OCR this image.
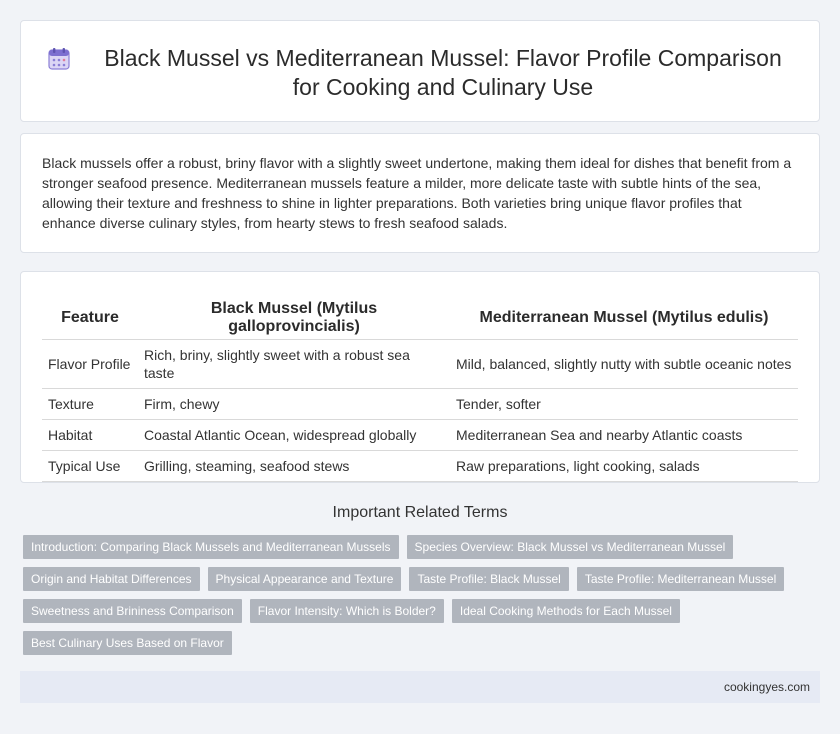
Black Mussel vs Mediterranean Mussel: Flavor Profile Comparison for Cooking and Culinary Use

Black mussels offer a robust, briny flavor with a slightly sweet undertone, making them ideal for dishes that benefit from a stronger seafood presence. Mediterranean mussels feature a milder, more delicate taste with subtle hints of the sea, allowing their texture and freshness to shine in lighter preparations. Both varieties bring unique flavor profiles that enhance diverse culinary styles, from hearty stews to fresh seafood salads.

Feature	Black Mussel (Mytilus galloprovincialis)	Mediterranean Mussel (Mytilus edulis)
Flavor Profile	Rich, briny, slightly sweet with a robust sea taste	Mild, balanced, slightly nutty with subtle oceanic notes
Texture	Firm, chewy	Tender, softer
Habitat	Coastal Atlantic Ocean, widespread globally	Mediterranean Sea and nearby Atlantic coasts
Typical Use	Grilling, steaming, seafood stews	Raw preparations, light cooking, salads
Important Related Terms
Introduction: Comparing Black Mussels and Mediterranean Mussels	Species Overview: Black Mussel vs Mediterranean Mussel
Origin and Habitat Differences	Physical Appearance and Texture	Taste Profile: Black Mussel	Taste Profile: Mediterranean Mussel
Sweetness and Brininess Comparison	Flavor Intensity: Which is Bolder?	Ideal Cooking Methods for Each Mussel
Best Culinary Uses Based on Flavor
cookingyes.com
